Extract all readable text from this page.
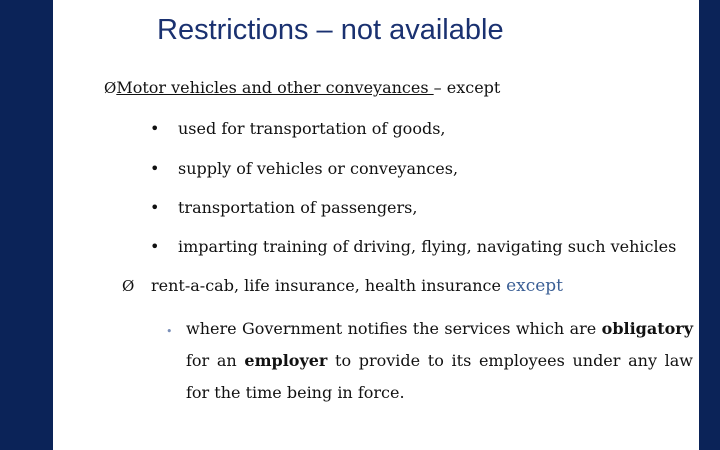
Restrictions – not available
ØMotor vehicles and other conveyances – except
• used for transportation of goods,
• supply of vehicles or conveyances,
• transportation of passengers,
• imparting training of driving, flying, navigating such vehicles
Ø rent-a-cab, life insurance, health insurance except
• where Government notifies the services which are obligatory for an employer to provide to its employees under any law for the time being in force.
